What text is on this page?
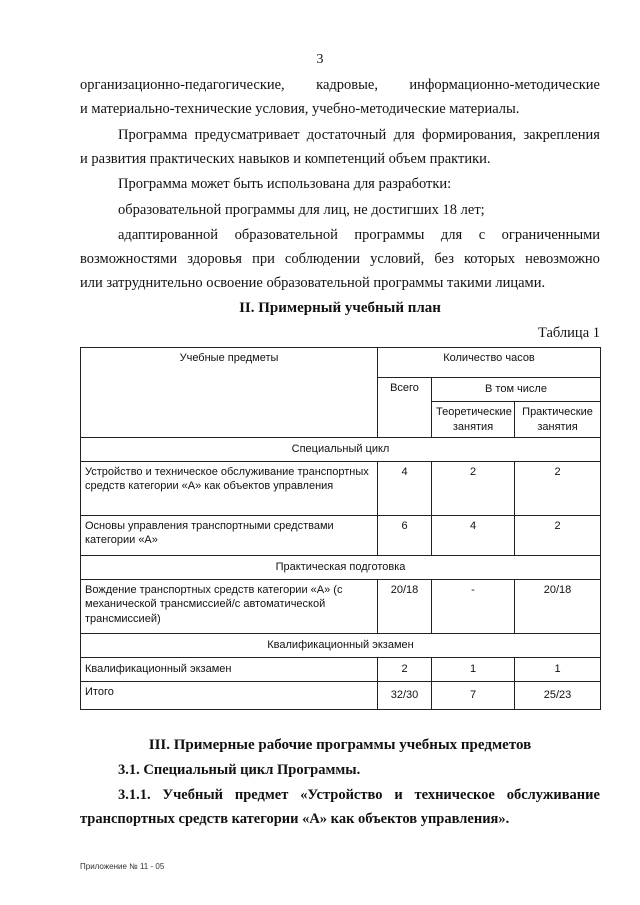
3
организационно-педагогические, кадровые, информационно-методические
и материально-технические условия, учебно-методические материалы.
Программа предусматривает достаточный для формирования, закрепления
и развития практических навыков и компетенций объем практики.
Программа может быть использована для разработки:
образовательной программы для лиц, не достигших 18 лет;
адаптированной образовательной программы для с ограниченными
возможностями здоровья при соблюдении условий, без которых невозможно
или затруднительно освоение образовательной программы такими лицами.
II. Примерный учебный план
Таблица 1
Учебные предметы	Количество часов		
	Всего	В том числе	
		Теоретические занятия	Практические занятия
Специальный цикл			
Устройство и техническое обслуживание транспортных средств категории «А» как объектов управления	4	2	2
Основы управления транспортными средствами категории «А»	6	4	2
Практическая подготовка			
Вождение транспортных средств категории «А» (с механической трансмиссией/с автоматической трансмиссией)	20/18	-	20/18
Квалификационный экзамен			
Квалификационный экзамен	2	1	1
Итого	32/30	7	25/23
III. Примерные рабочие программы учебных предметов
3.1. Специальный цикл Программы.
3.1.1. Учебный предмет «Устройство и техническое обслуживание
транспортных средств категории «А» как объектов управления».
Приложение № 11 - 05
